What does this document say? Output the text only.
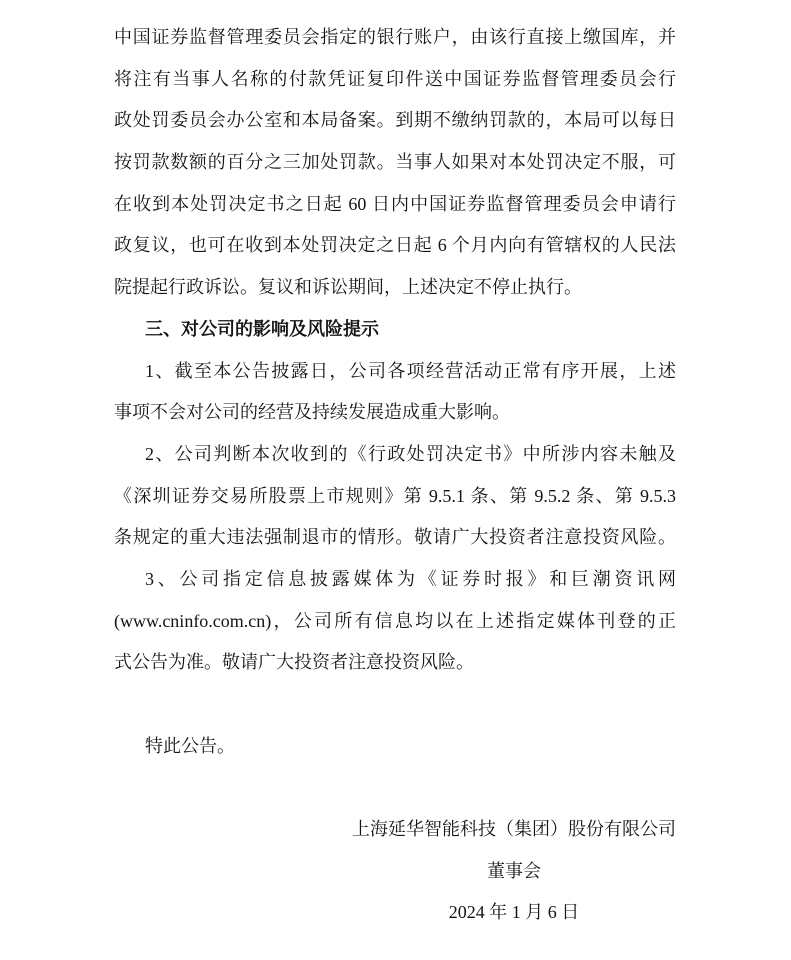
中国证券监督管理委员会指定的银行账户，由该行直接上缴国库，并
将注有当事人名称的付款凭证复印件送中国证券监督管理委员会行
政处罚委员会办公室和本局备案。到期不缴纳罚款的，本局可以每日
按罚款数额的百分之三加处罚款。当事人如果对本处罚决定不服，可
在收到本处罚决定书之日起 60 日内中国证券监督管理委员会申请行
政复议，也可在收到本处罚决定之日起 6 个月内向有管辖权的人民法
院提起行政诉讼。复议和诉讼期间，上述决定不停止执行。
三、对公司的影响及风险提示
1、截至本公告披露日，公司各项经营活动正常有序开展，上述
事项不会对公司的经营及持续发展造成重大影响。
2、公司判断本次收到的《行政处罚决定书》中所涉内容未触及
《深圳证券交易所股票上市规则》第 9.5.1 条、第 9.5.2 条、第 9.5.3
条规定的重大违法强制退市的情形。敬请广大投资者注意投资风险。
3、公司指定信息披露媒体为《证券时报》和巨潮资讯网
(www.cninfo.com.cn)，公司所有信息均以在上述指定媒体刊登的正
式公告为准。敬请广大投资者注意投资风险。
特此公告。
上海延华智能科技（集团）股份有限公司
董事会
2024 年 1 月 6 日
